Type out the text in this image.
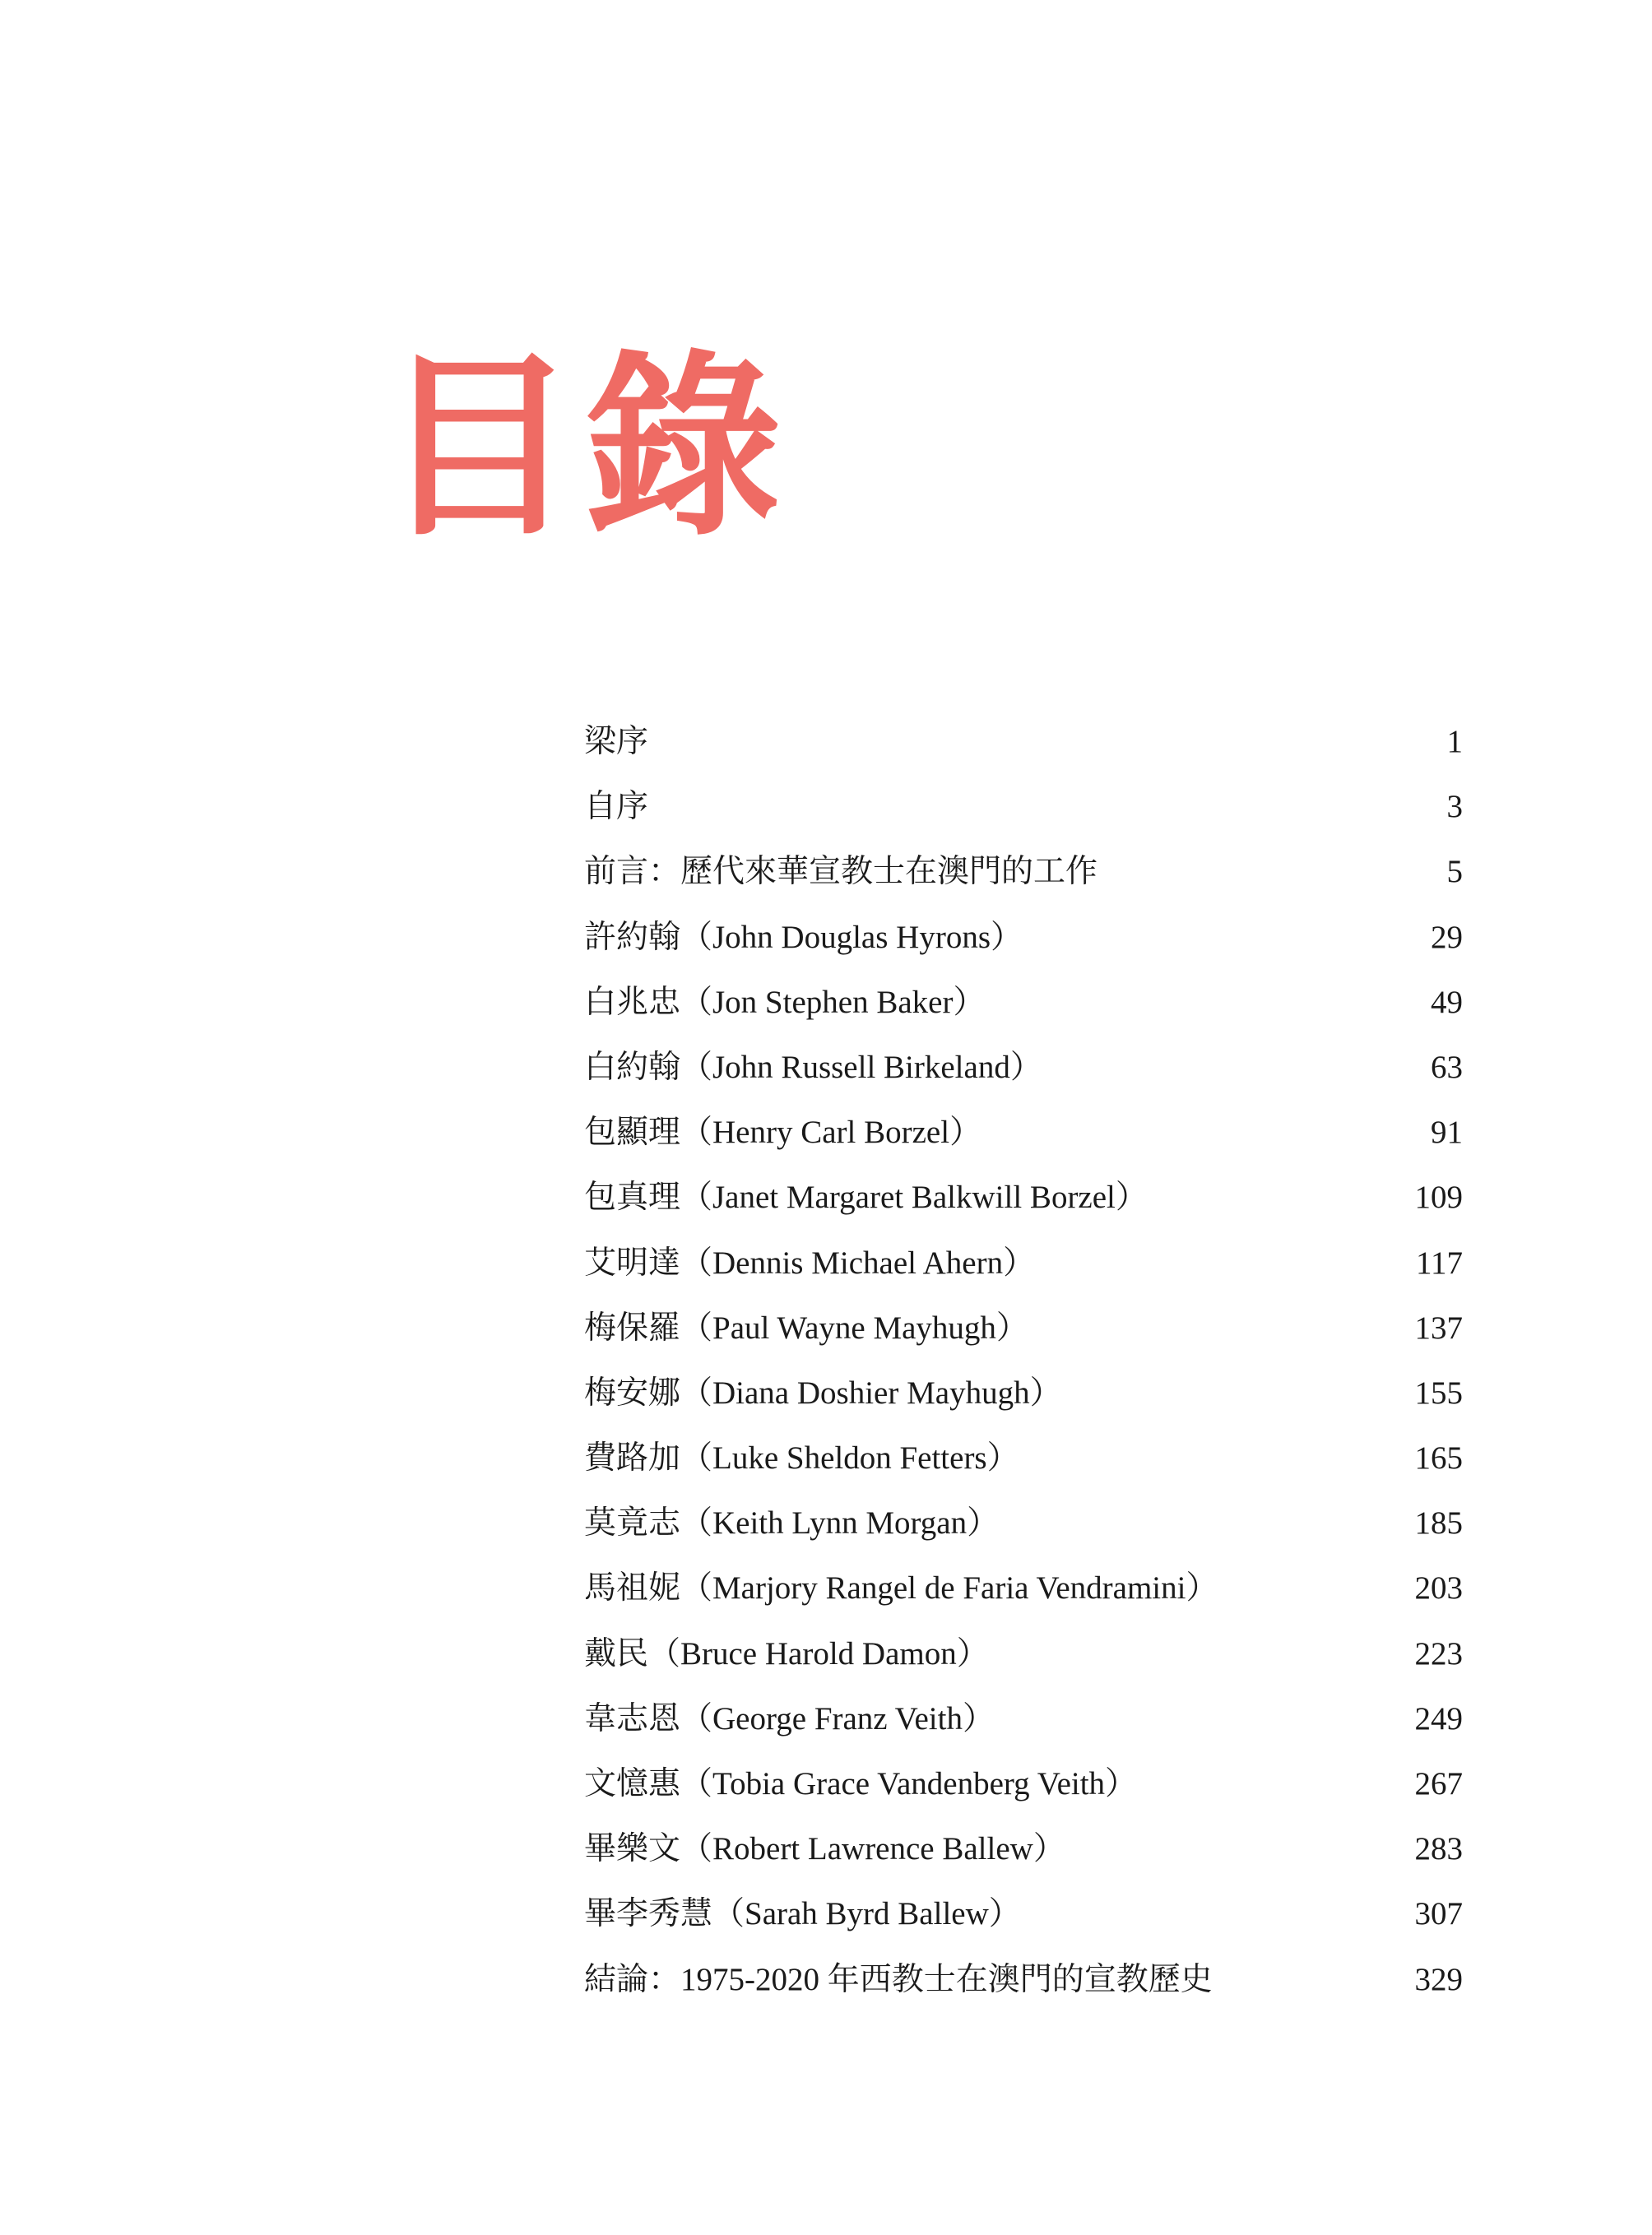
目錄
梁序	1
自序	3
前言：歷代來華宣教士在澳門的工作	5
許約翰（John Douglas Hyrons）	29
白兆忠（Jon Stephen Baker）	49
白約翰（John Russell Birkeland）	63
包顯理（Henry Carl Borzel）	91
包真理（Janet Margaret Balkwill Borzel）	109
艾明達（Dennis Michael Ahern）	117
梅保羅（Paul Wayne Mayhugh）	137
梅安娜（Diana Doshier Mayhugh）	155
費路加（Luke Sheldon Fetters）	165
莫竟志（Keith Lynn Morgan）	185
馬祖妮（Marjory Rangel de Faria Vendramini）	203
戴民（Bruce Harold Damon）	223
韋志恩（George Franz Veith）	249
文憶惠（Tobia Grace Vandenberg Veith）	267
畢樂文（Robert Lawrence Ballew）	283
畢李秀慧（Sarah Byrd Ballew）	307
結論：1975-2020 年西教士在澳門的宣教歷史	329
